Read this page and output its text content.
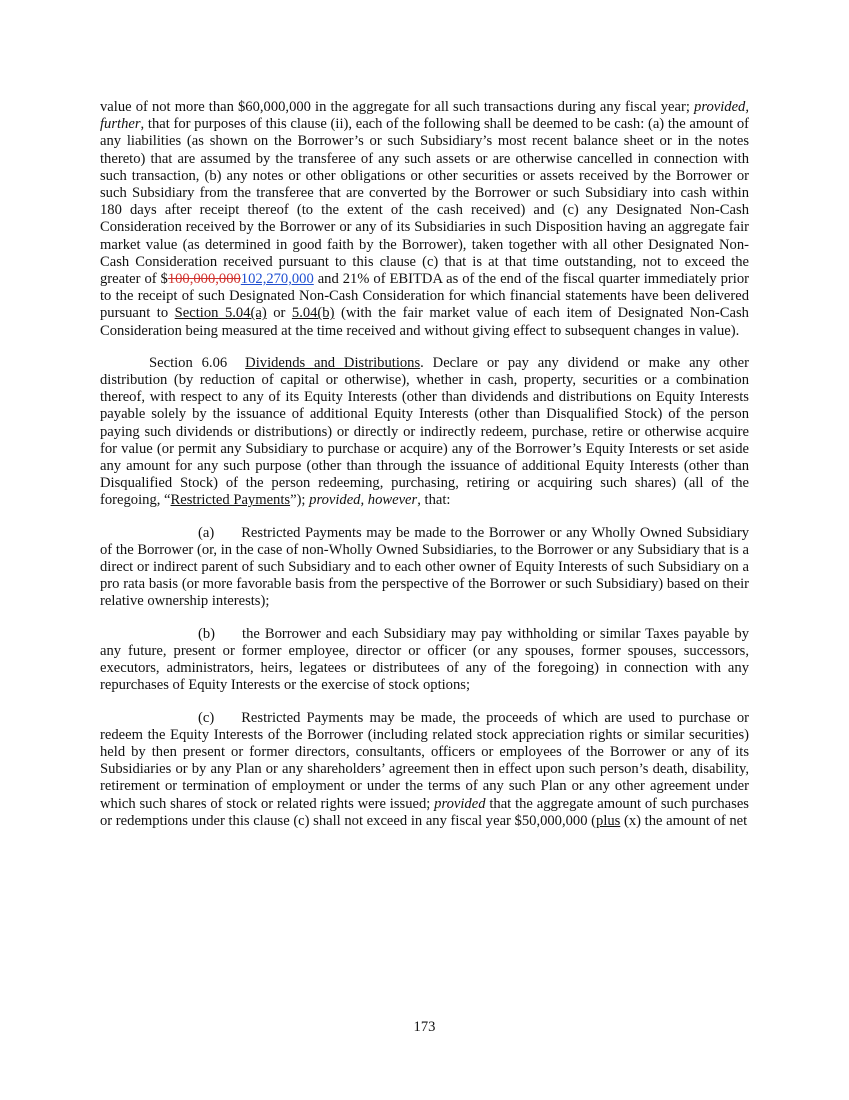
value of not more than $60,000,000 in the aggregate for all such transactions during any fiscal year; provided, further, that for purposes of this clause (ii), each of the following shall be deemed to be cash: (a) the amount of any liabilities (as shown on the Borrower’s or such Subsidiary’s most recent balance sheet or in the notes thereto) that are assumed by the transferee of any such assets or are otherwise cancelled in connection with such transaction, (b) any notes or other obligations or other securities or assets received by the Borrower or such Subsidiary from the transferee that are converted by the Borrower or such Subsidiary into cash within 180 days after receipt thereof (to the extent of the cash received) and (c) any Designated Non-Cash Consideration received by the Borrower or any of its Subsidiaries in such Disposition having an aggregate fair market value (as determined in good faith by the Borrower), taken together with all other Designated Non-Cash Consideration received pursuant to this clause (c) that is at that time outstanding, not to exceed the greater of $100,000,000102,270,000 and 21% of EBITDA as of the end of the fiscal quarter immediately prior to the receipt of such Designated Non-Cash Consideration for which financial statements have been delivered pursuant to Section 5.04(a) or 5.04(b) (with the fair market value of each item of Designated Non-Cash Consideration being measured at the time received and without giving effect to subsequent changes in value).

Section 6.06 Dividends and Distributions. Declare or pay any dividend or make any other distribution (by reduction of capital or otherwise), whether in cash, property, securities or a combination thereof, with respect to any of its Equity Interests (other than dividends and distributions on Equity Interests payable solely by the issuance of additional Equity Interests (other than Disqualified Stock) of the person paying such dividends or distributions) or directly or indirectly redeem, purchase, retire or otherwise acquire for value (or permit any Subsidiary to purchase or acquire) any of the Borrower’s Equity Interests or set aside any amount for any such purpose (other than through the issuance of additional Equity Interests (other than Disqualified Stock) of the person redeeming, purchasing, retiring or acquiring such shares) (all of the foregoing, “Restricted Payments”); provided, however, that:

(a) Restricted Payments may be made to the Borrower or any Wholly Owned Subsidiary of the Borrower (or, in the case of non-Wholly Owned Subsidiaries, to the Borrower or any Subsidiary that is a direct or indirect parent of such Subsidiary and to each other owner of Equity Interests of such Subsidiary on a pro rata basis (or more favorable basis from the perspective of the Borrower or such Subsidiary) based on their relative ownership interests);

(b) the Borrower and each Subsidiary may pay withholding or similar Taxes payable by any future, present or former employee, director or officer (or any spouses, former spouses, successors, executors, administrators, heirs, legatees or distributees of any of the foregoing) in connection with any repurchases of Equity Interests or the exercise of stock options;

(c) Restricted Payments may be made, the proceeds of which are used to purchase or redeem the Equity Interests of the Borrower (including related stock appreciation rights or similar securities) held by then present or former directors, consultants, officers or employees of the Borrower or any of its Subsidiaries or by any Plan or any shareholders’ agreement then in effect upon such person’s death, disability, retirement or termination of employment or under the terms of any such Plan or any other agreement under which such shares of stock or related rights were issued; provided that the aggregate amount of such purchases or redemptions under this clause (c) shall not exceed in any fiscal year $50,000,000 (plus (x) the amount of net

173
